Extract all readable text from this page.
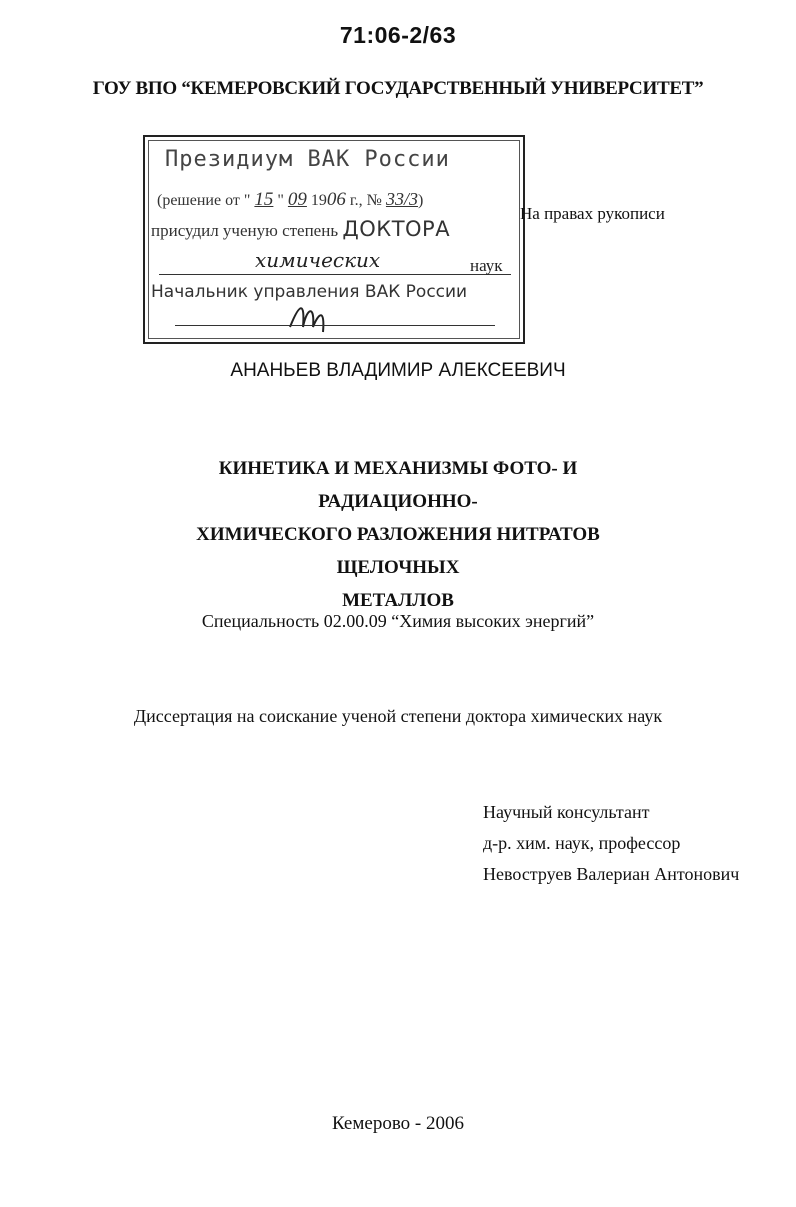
71:06-2/63
ГОУ ВПО “КЕМЕРОВСКИЙ ГОСУДАРСТВЕННЫЙ УНИВЕРСИТЕТ”
Президиум ВАК России
(решение от " 15 " 09 1906 г., № 33/3)
присудил ученую степень ДОКТОРА
химических	наук
Начальник управления ВАК России
На правах рукописи
АНАНЬЕВ ВЛАДИМИР АЛЕКСЕЕВИЧ
КИНЕТИКА И МЕХАНИЗМЫ ФОТО- И РАДИАЦИОННО-
ХИМИЧЕСКОГО РАЗЛОЖЕНИЯ НИТРАТОВ ЩЕЛОЧНЫХ
МЕТАЛЛОВ
Специальность 02.00.09 “Химия высоких энергий”
Диссертация на соискание ученой степени доктора химических наук
Научный консультант
д-р. хим. наук, профессор
Невоструев Валериан Антонович
Кемерово - 2006
